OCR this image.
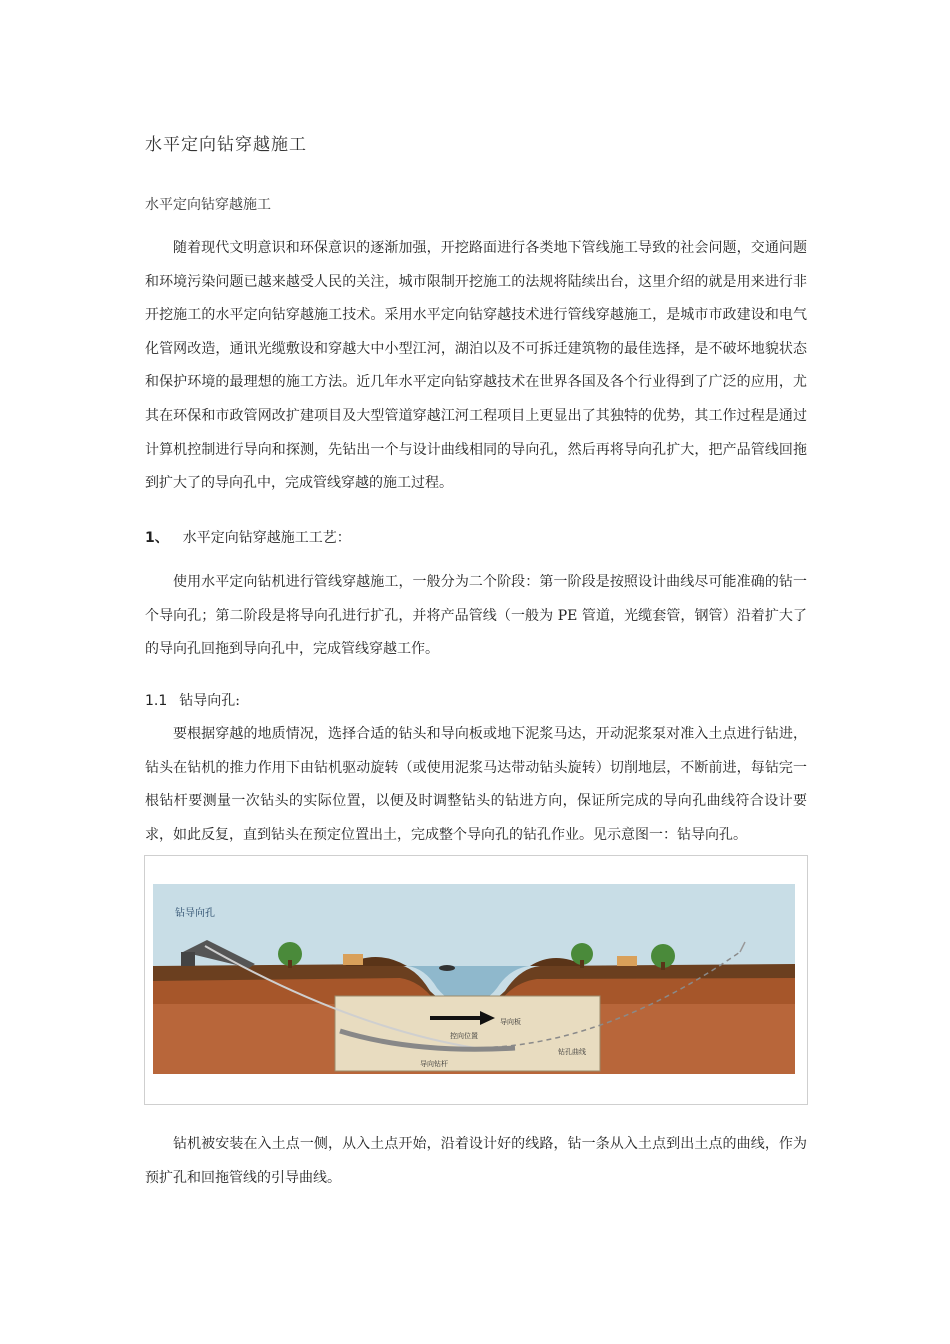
水平定向钻穿越施工
水平定向钻穿越施工
随着现代文明意识和环保意识的逐渐加强，开挖路面进行各类地下管线施工导致的社会问题，交通问题和环境污染问题已越来越受人民的关注，城市限制开挖施工的法规将陆续出台，这里介绍的就是用来进行非开挖施工的水平定向钻穿越施工技术。采用水平定向钻穿越技术进行管线穿越施工，是城市市政建设和电气化管网改造，通讯光缆敷设和穿越大中小型江河，湖泊以及不可拆迁建筑物的最佳选择，是不破坏地貌状态和保护环境的最理想的施工方法。近几年水平定向钻穿越技术在世界各国及各个行业得到了广泛的应用，尤其在环保和市政管网改扩建项目及大型管道穿越江河工程项目上更显出了其独特的优势，其工作过程是通过计算机控制进行导向和探测，先钻出一个与设计曲线相同的导向孔，然后再将导向孔扩大，把产品管线回拖到扩大了的导向孔中，完成管线穿越的施工过程。
1、 水平定向钻穿越施工工艺：
使用水平定向钻机进行管线穿越施工，一般分为二个阶段：第一阶段是按照设计曲线尽可能准确的钻一个导向孔；第二阶段是将导向孔进行扩孔，并将产品管线（一般为 PE 管道，光缆套管，钢管）沿着扩大了的导向孔回拖到导向孔中，完成管线穿越工作。
1.1 钻导向孔:
要根据穿越的地质情况，选择合适的钻头和导向板或地下泥浆马达，开动泥浆泵对准入土点进行钻进，钻头在钻机的推力作用下由钻机驱动旋转（或使用泥浆马达带动钻头旋转）切削地层，不断前进，每钻完一根钻杆要测量一次钻头的实际位置，以便及时调整钻头的钻进方向，保证所完成的导向孔曲线符合设计要求，如此反复，直到钻头在预定位置出土，完成整个导向孔的钻孔作业。见示意图一：钻导向孔。
钻导向孔
控向位置
导向板
钻孔曲线
导向钻杆
钻机被安装在入土点一侧，从入土点开始，沿着设计好的线路，钻一条从入土点到出土点的曲线，作为预扩孔和回拖管线的引导曲线。
